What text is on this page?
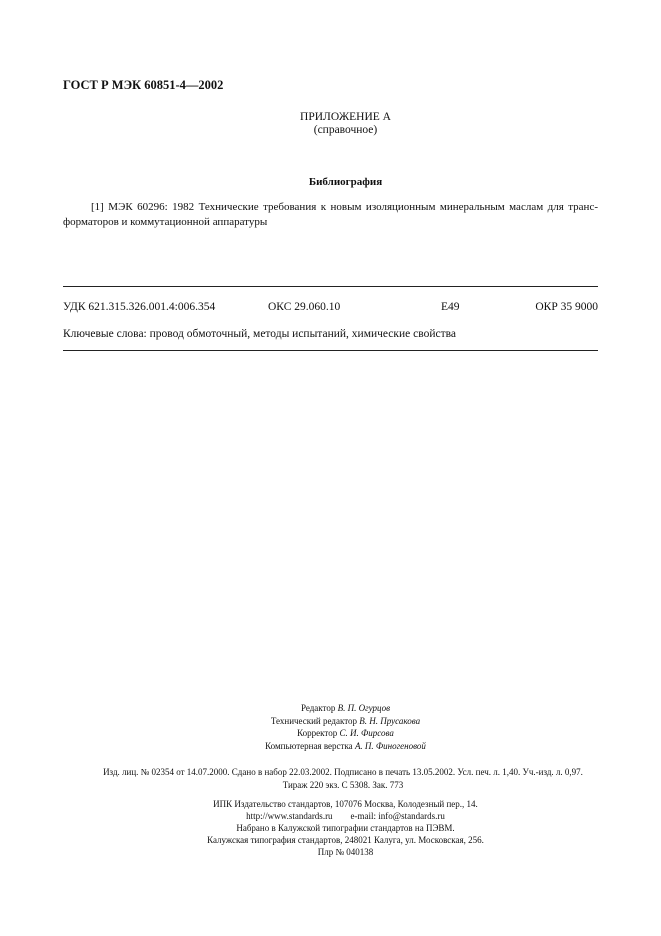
ГОСТ Р МЭК 60851-4—2002
ПРИЛОЖЕНИЕ А
(справочное)
Библиография
[1] МЭК 60296: 1982 Технические требования к новым изоляционным минеральным маслам для транс-
форматоров и коммутационной аппаратуры
УДК 621.315.326.001.4:006.354	ОКС 29.060.10	Е49	ОКР 35 9000
Ключевые слова: провод обмоточный, методы испытаний, химические свойства
Редактор В. П. Огурцов
Технический редактор В. Н. Прусакова
Корректор С. И. Фирсова
Компьютерная верстка А. П. Финогеновой
Изд. лиц. № 02354 от 14.07.2000. Сдано в набор 22.03.2002. Подписано в печать 13.05.2002. Усл. печ. л. 1,40. Уч.-изд. л. 0,97.
Тираж 220 экз. С 5308. Зак. 773
ИПК Издательство стандартов, 107076 Москва, Колодезный пер., 14.
http://www.standards.ru        e-mail: info@standards.ru
Набрано в Калужской типографии стандартов на ПЭВМ.
Калужская типография стандартов, 248021 Калуга, ул. Московская, 256.
Плр № 040138
